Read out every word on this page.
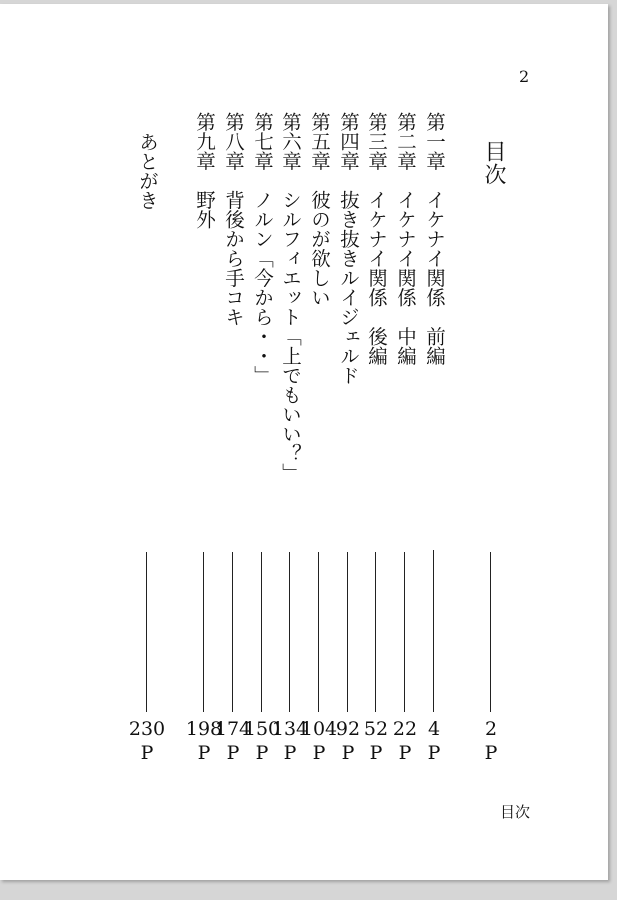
2
目次
2
P
第一章　イケナイ関係　前編
4
P
第二章　イケナイ関係　中編
22
P
第三章　イケナイ関係　後編
52
P
第四章　抜き抜きルイジェルド
92
P
第五章　彼のが欲しい
104
P
第六章　シルフィエット「上でもいい？」
134
P
第七章　ノルン「今から・・」
150
P
第八章　背後から手コキ
174
P
第九章　野外
198
P
あとがき
230
P
目次
